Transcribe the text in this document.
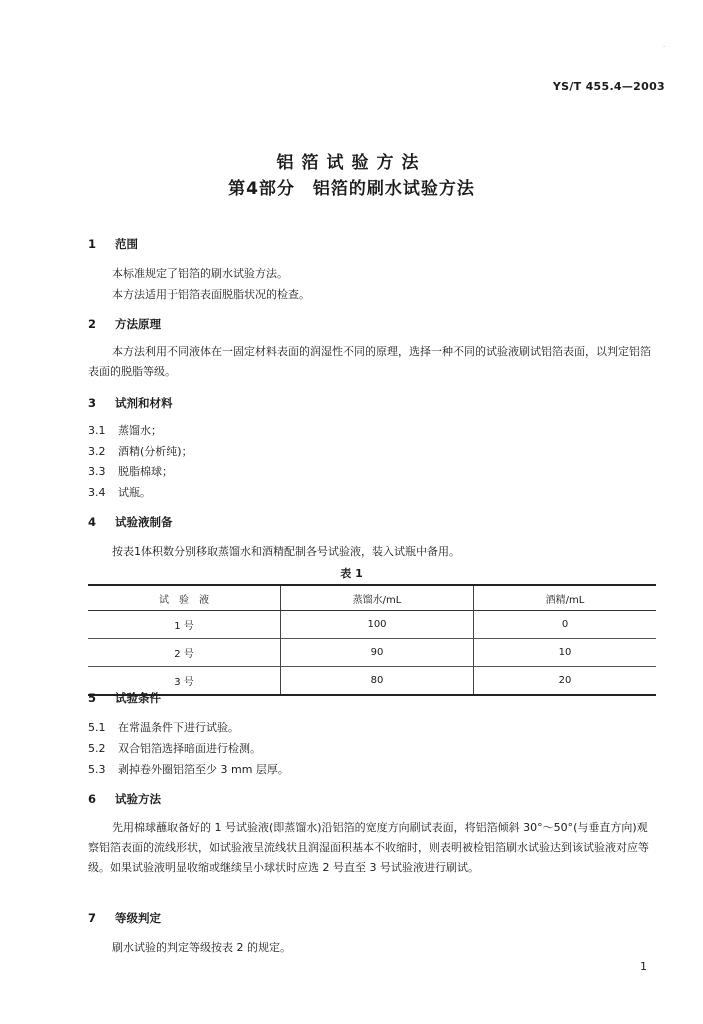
·
YS/T 455.4—2003
铝箔试验方法
第4部分　铝箔的刷水试验方法
1 范围
本标准规定了铝箔的刷水试验方法。
本方法适用于铝箔表面脱脂状况的检查。
2 方法原理
本方法利用不同液体在一固定材料表面的润湿性不同的原理，选择一种不同的试验液刷试铝箔表面，以判定铝箔表面的脱脂等级。
3 试剂和材料
3.1 蒸馏水；
3.2 酒精(分析纯)；
3.3 脱脂棉球；
3.4 试瓶。
4 试验液制备
按表1体积数分别移取蒸馏水和酒精配制各号试验液，装入试瓶中备用。
表 1
试　验　液	蒸馏水/mL	酒精/mL
1 号	100	0
2 号	90	10
3 号	80	20
5 试验条件
5.1 在常温条件下进行试验。
5.2 双合铝箔选择暗面进行检测。
5.3 剥掉卷外圈铝箔至少 3 mm 层厚。
6 试验方法
先用棉球蘸取备好的 1 号试验液(即蒸馏水)沿铝箔的宽度方向刷试表面，将铝箔倾斜 30°～50°(与垂直方向)观察铝箔表面的流线形状，如试验液呈流线状且润湿面积基本不收缩时，则表明被检铝箔刷水试验达到该试验液对应等级。如果试验液明显收缩或继续呈小球状时应选 2 号直至 3 号试验液进行刷试。
7 等级判定
刷水试验的判定等级按表 2 的规定。
1
